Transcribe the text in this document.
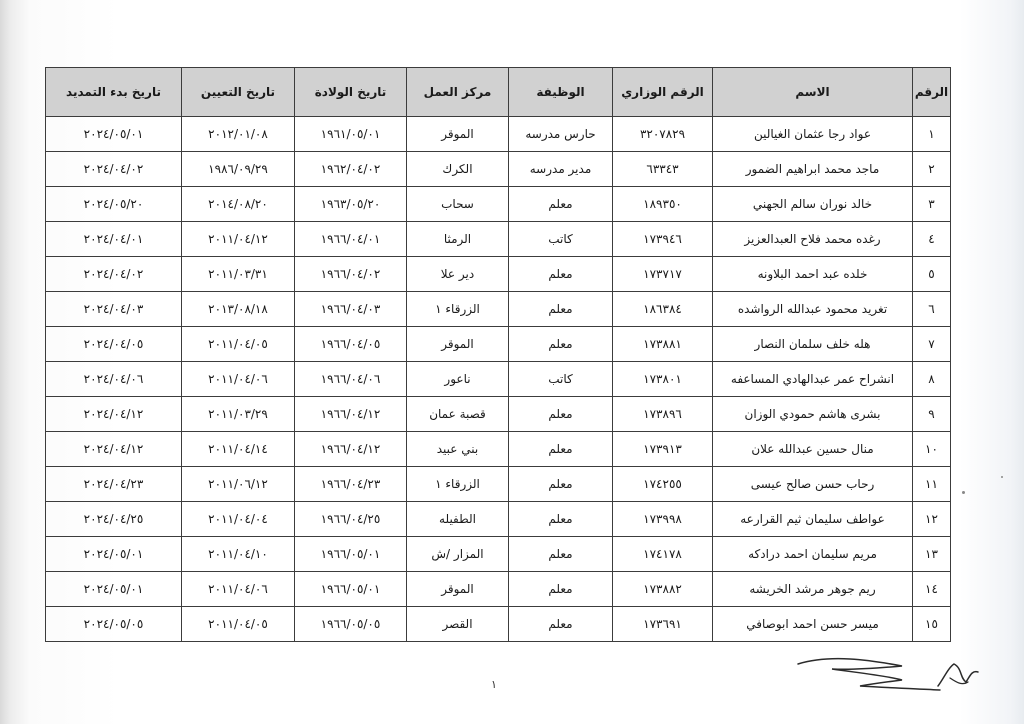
الرقم	الاسم	الرقم الوزاري	الوظيفة	مركز العمل	تاريخ الولادة	تاريخ التعيين	تاريخ بدء التمديد
١	عواد رجا عثمان الغيالين	٣٢٠٧٨٢٩	حارس مدرسه	الموقر	١٩٦١/٠٥/٠١	٢٠١٢/٠١/٠٨	٢٠٢٤/٠٥/٠١
٢	ماجد محمد ابراهيم الضمور	٦٣٣٤٣	مدير مدرسه	الكرك	١٩٦٢/٠٤/٠٢	١٩٨٦/٠٩/٢٩	٢٠٢٤/٠٤/٠٢
٣	خالد نوران سالم الجهني	١٨٩٣٥٠	معلم	سحاب	١٩٦٣/٠٥/٢٠	٢٠١٤/٠٨/٢٠	٢٠٢٤/٠٥/٢٠
٤	رغده محمد فلاح العبدالعزيز	١٧٣٩٤٦	كاتب	الرمثا	١٩٦٦/٠٤/٠١	٢٠١١/٠٤/١٢	٢٠٢٤/٠٤/٠١
٥	خلده عبد احمد البلاونه	١٧٣٧١٧	معلم	دير علا	١٩٦٦/٠٤/٠٢	٢٠١١/٠٣/٣١	٢٠٢٤/٠٤/٠٢
٦	تغريد محمود عبدالله الرواشده	١٨٦٣٨٤	معلم	الزرقاء ١	١٩٦٦/٠٤/٠٣	٢٠١٣/٠٨/١٨	٢٠٢٤/٠٤/٠٣
٧	هله خلف سلمان النصار	١٧٣٨٨١	معلم	الموقر	١٩٦٦/٠٤/٠٥	٢٠١١/٠٤/٠٥	٢٠٢٤/٠٤/٠٥
٨	انشراح عمر عبدالهادي المساعفه	١٧٣٨٠١	كاتب	ناعور	١٩٦٦/٠٤/٠٦	٢٠١١/٠٤/٠٦	٢٠٢٤/٠٤/٠٦
٩	بشرى هاشم حمودي الوزان	١٧٣٨٩٦	معلم	قصبة عمان	١٩٦٦/٠٤/١٢	٢٠١١/٠٣/٢٩	٢٠٢٤/٠٤/١٢
١٠	منال حسين عبدالله علان	١٧٣٩١٣	معلم	بني عبيد	١٩٦٦/٠٤/١٢	٢٠١١/٠٤/١٤	٢٠٢٤/٠٤/١٢
١١	رحاب حسن صالح عيسى	١٧٤٢٥٥	معلم	الزرقاء ١	١٩٦٦/٠٤/٢٣	٢٠١١/٠٦/١٢	٢٠٢٤/٠٤/٢٣
١٢	عواطف سليمان ثيم القرارعه	١٧٣٩٩٨	معلم	الطفيله	١٩٦٦/٠٤/٢٥	٢٠١١/٠٤/٠٤	٢٠٢٤/٠٤/٢٥
١٣	مريم سليمان احمد درادكه	١٧٤١٧٨	معلم	المزار /ش	١٩٦٦/٠٥/٠١	٢٠١١/٠٤/١٠	٢٠٢٤/٠٥/٠١
١٤	ريم جوهر مرشد الخريشه	١٧٣٨٨٢	معلم	الموقر	١٩٦٦/٠٥/٠١	٢٠١١/٠٤/٠٦	٢٠٢٤/٠٥/٠١
١٥	ميسر حسن احمد ابوصافي	١٧٣٦٩١	معلم	القصر	١٩٦٦/٠٥/٠٥	٢٠١١/٠٤/٠٥	٢٠٢٤/٠٥/٠٥
١
